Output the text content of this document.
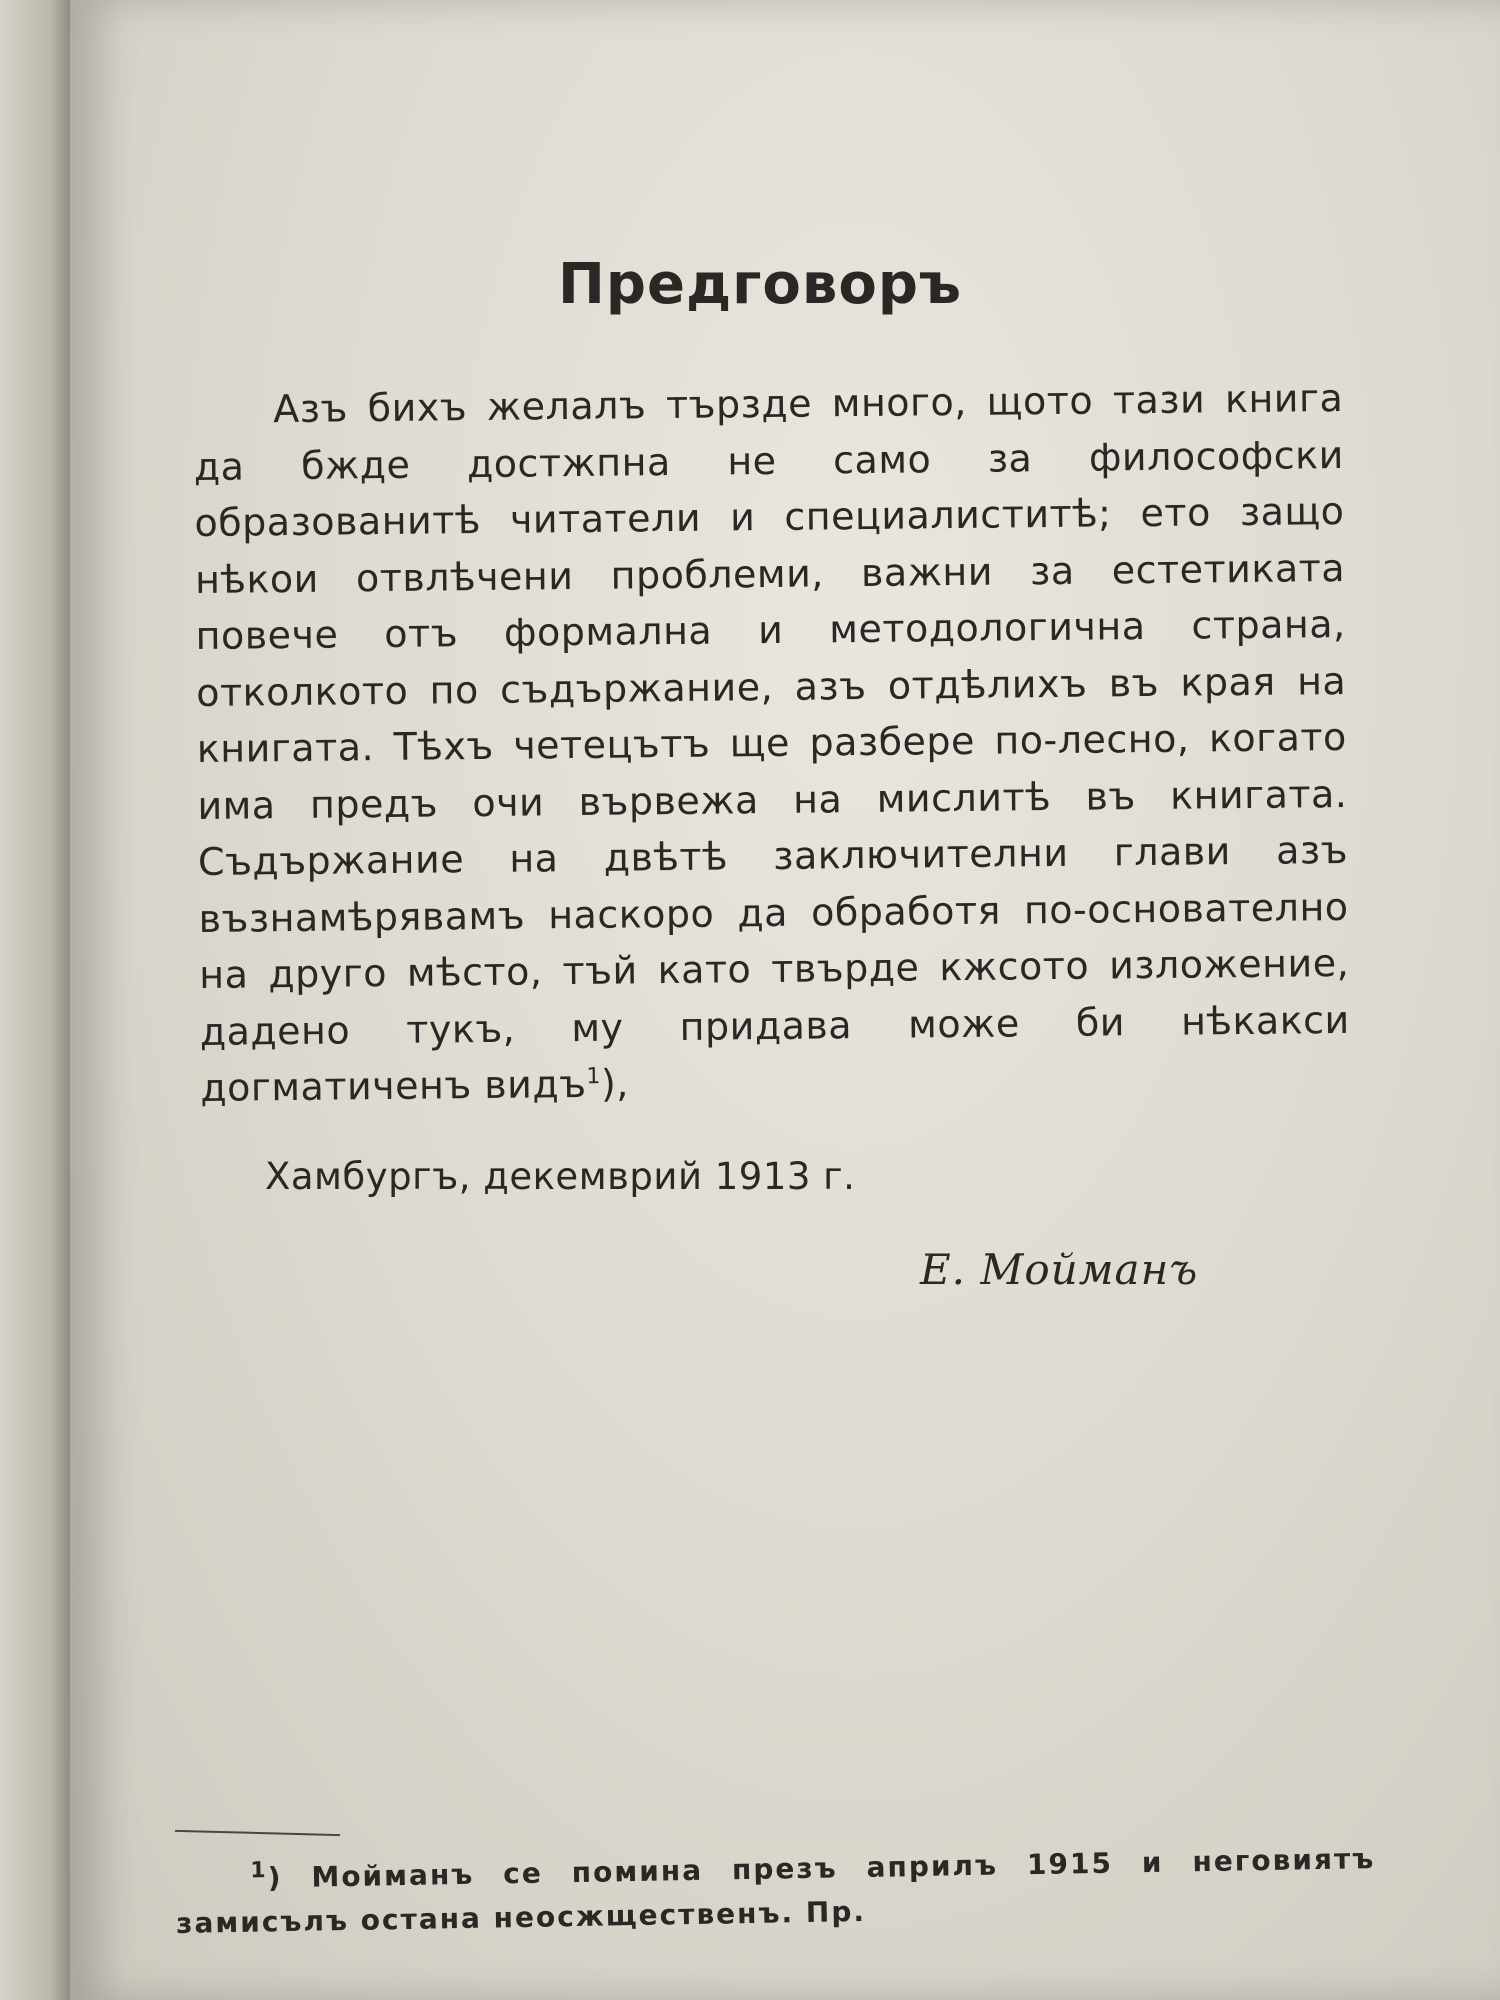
Предговоръ

Азъ бихъ желалъ тързде много, щото тази книга да бжде достжпна не само за философски образованитѣ читатели и специалиститѣ; ето защо нѣкои отвлѣчени проблеми, важни за естетиката повече отъ формална и методологична страна, отколкото по съдържание, азъ отдѣлихъ въ края на книгата. Тѣхъ четецътъ ще разбере по-лесно, когато има предъ очи вървежа на мислитѣ въ книгата. Съдържание на двѣтѣ заключителни глави азъ възнамѣрявамъ наскоро да обработя по-основателно на друго мѣсто, тъй като твърде кжсото изложение, дадено тукъ, му придава може би нѣкакси догматиченъ видъ$^1$),

Хамбургъ, декемврий 1913 г.
Е. Мойманъ

$^1$) Мойманъ се помина презъ априлъ 1915 и неговиятъ замисълъ остана неосжщественъ. Пр.
